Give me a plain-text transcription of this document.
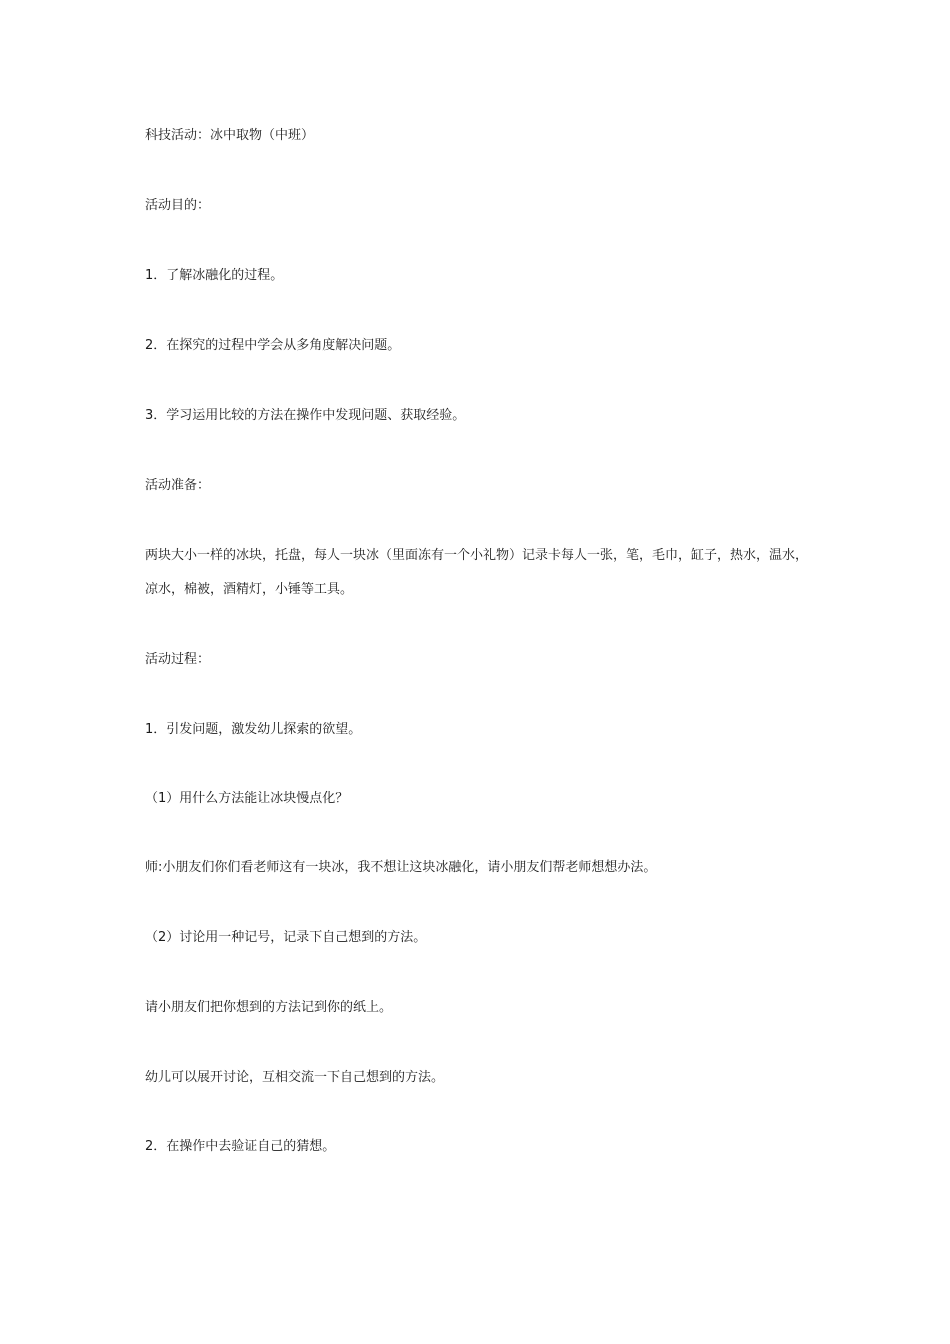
科技活动：冰中取物（中班）
活动目的：
1．了解冰融化的过程。
2．在探究的过程中学会从多角度解决问题。
3．学习运用比较的方法在操作中发现问题、获取经验。
活动准备：
两块大小一样的冰块，托盘，每人一块冰（里面冻有一个小礼物）记录卡每人一张，笔，毛巾，缸子，热水，温水，凉水，棉被，酒精灯，小锤等工具。
活动过程：
1．引发问题，激发幼儿探索的欲望。
（1）用什么方法能让冰块慢点化？
师:小朋友们你们看老师这有一块冰，我不想让这块冰融化，请小朋友们帮老师想想办法。
（2）讨论用一种记号，记录下自己想到的方法。
请小朋友们把你想到的方法记到你的纸上。
幼儿可以展开讨论，互相交流一下自己想到的方法。
2．在操作中去验证自己的猜想。
